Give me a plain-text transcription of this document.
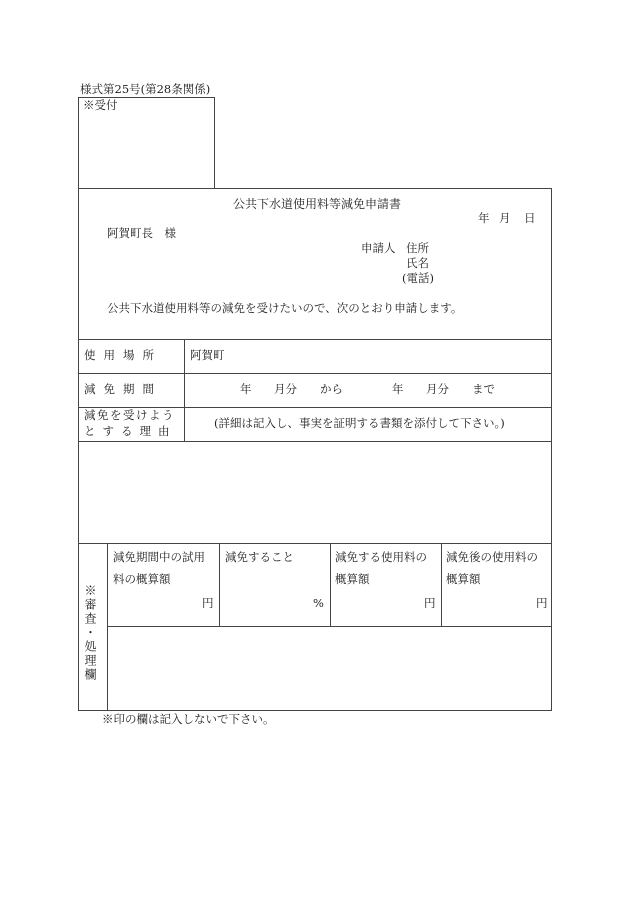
様式第25号(第28条関係)
※受付
公共下水道使用料等減免申請書
年 月 日
阿賀町長　様
申請人 住所
氏名
(電話)
公共下水道使用料等の減免を受けたいので、次のとおり申請します。
使用場所 阿賀町
減免期間	年 月分 から	年 月分 まで
減免を受けよう
とする理由
(詳細は記入し、事実を証明する書類を添付して下さい。)
※審査・処理欄
減免期間中の試用
料の概算額
円
減免すること
%
減免する使用料の
概算額
円
減免後の使用料の
概算額
円
※印の欄は記入しないで下さい。
